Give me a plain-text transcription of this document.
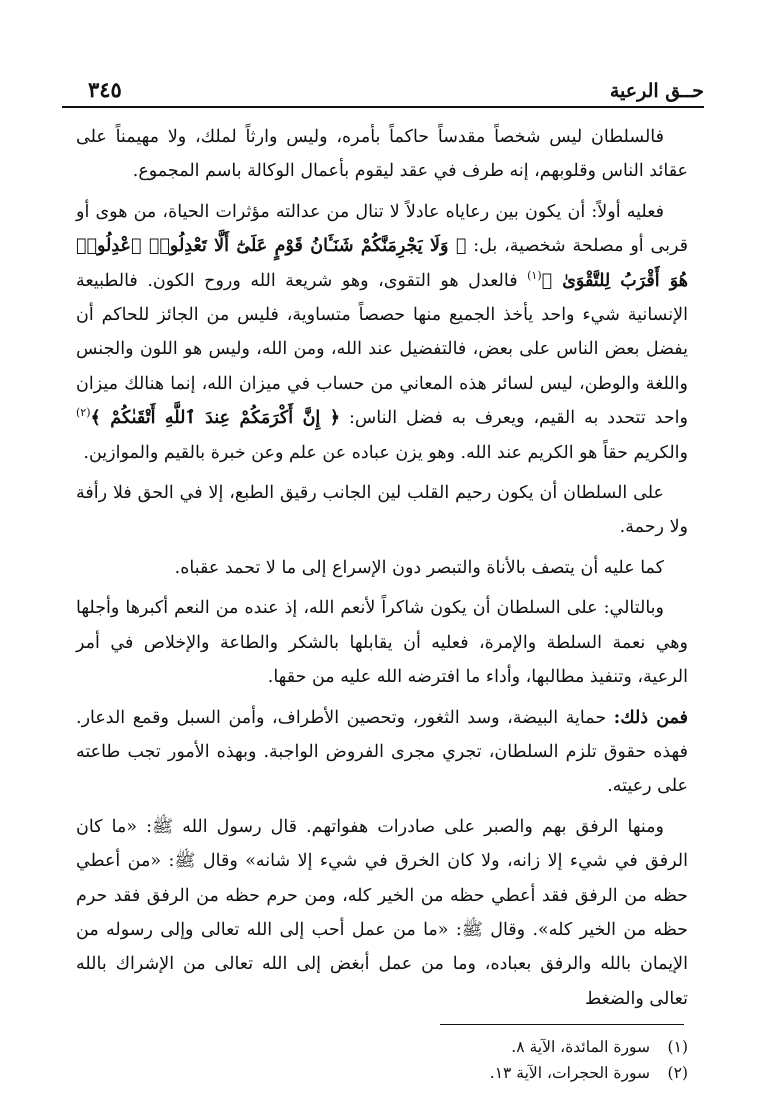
حــق الرعية
٣٤٥

فالسلطان ليس شخصاً مقدساً حاكماً بأمره، وليس وارثاً لملك، ولا مهيمناً على عقائد الناس وقلوبهم، إنه طرف في عقد ليقوم بأعمال الوكالة باسم المجموع.

فعليه أولاً: أن يكون بين رعاياه عادلاً لا تنال من عدالته مؤثرات الحياة، من هوى أو قربى أو مصلحة شخصية، بل: ﴿ وَلَا يَجْرِمَنَّكُمْ شَنَـَٔانُ قَوْمٍ عَلَىٰٓ أَلَّا تَعْدِلُوا۟ ٱعْدِلُوا۟ هُوَ أَقْرَبُ لِلتَّقْوَىٰ ﴾$^{(١)}$ فالعدل هو التقوى، وهو شريعة الله وروح الكون. فالطبيعة الإنسانية شيء واحد يأخذ الجميع منها حصصاً متساوية، فليس من الجائز للحاكم أن يفضل بعض الناس على بعض، فالتفضيل عند الله، ومن الله، وليس هو اللون والجنس واللغة والوطن، ليس لسائر هذه المعاني من حساب في ميزان الله، إنما هنالك ميزان واحد تتحدد به القيم، ويعرف به فضل الناس: ﴿ إِنَّ أَكْرَمَكُمْ عِندَ ٱللَّهِ أَتْقَىٰكُمْ ﴾$^{(٢)}$ والكريم حقاً هو الكريم عند الله. وهو يزن عباده عن علم وعن خبرة بالقيم والموازين.

على السلطان أن يكون رحيم القلب لين الجانب رقيق الطبع، إلا في الحق فلا رأفة ولا رحمة.

كما عليه أن يتصف بالأناة والتبصر دون الإسراع إلى ما لا تحمد عقباه.

وبالتالي: على السلطان أن يكون شاكراً لأنعم الله، إذ عنده من النعم أكبرها وأجلها وهي نعمة السلطة والإمرة، فعليه أن يقابلها بالشكر والطاعة والإخلاص في أمر الرعية، وتنفيذ مطالبها، وأداء ما افترضه الله عليه من حقها.

فمن ذلك: حماية البيضة، وسد الثغور، وتحصين الأطراف، وأمن السبل وقمع الدعار. فهذه حقوق تلزم السلطان، تجري مجرى الفروض الواجبة. وبهذه الأمور تجب طاعته على رعيته.

ومنها الرفق بهم والصبر على صادرات هفواتهم. قال رسول الله ﷺ: «ما كان الرفق في شيء إلا زانه، ولا كان الخرق في شيء إلا شانه» وقال ﷺ: «من أعطي حظه من الرفق فقد أعطي حظه من الخير كله، ومن حرم حظه من الرفق فقد حرم حظه من الخير كله». وقال ﷺ: «ما من عمل أحب إلى الله تعالى وإلى رسوله من الإيمان بالله والرفق بعباده، وما من عمل أبغض إلى الله تعالى من الإشراك بالله تعالى والضغط

(١)
سورة المائدة، الآية ٨.
(٢)
سورة الحجرات، الآية ١٣.
